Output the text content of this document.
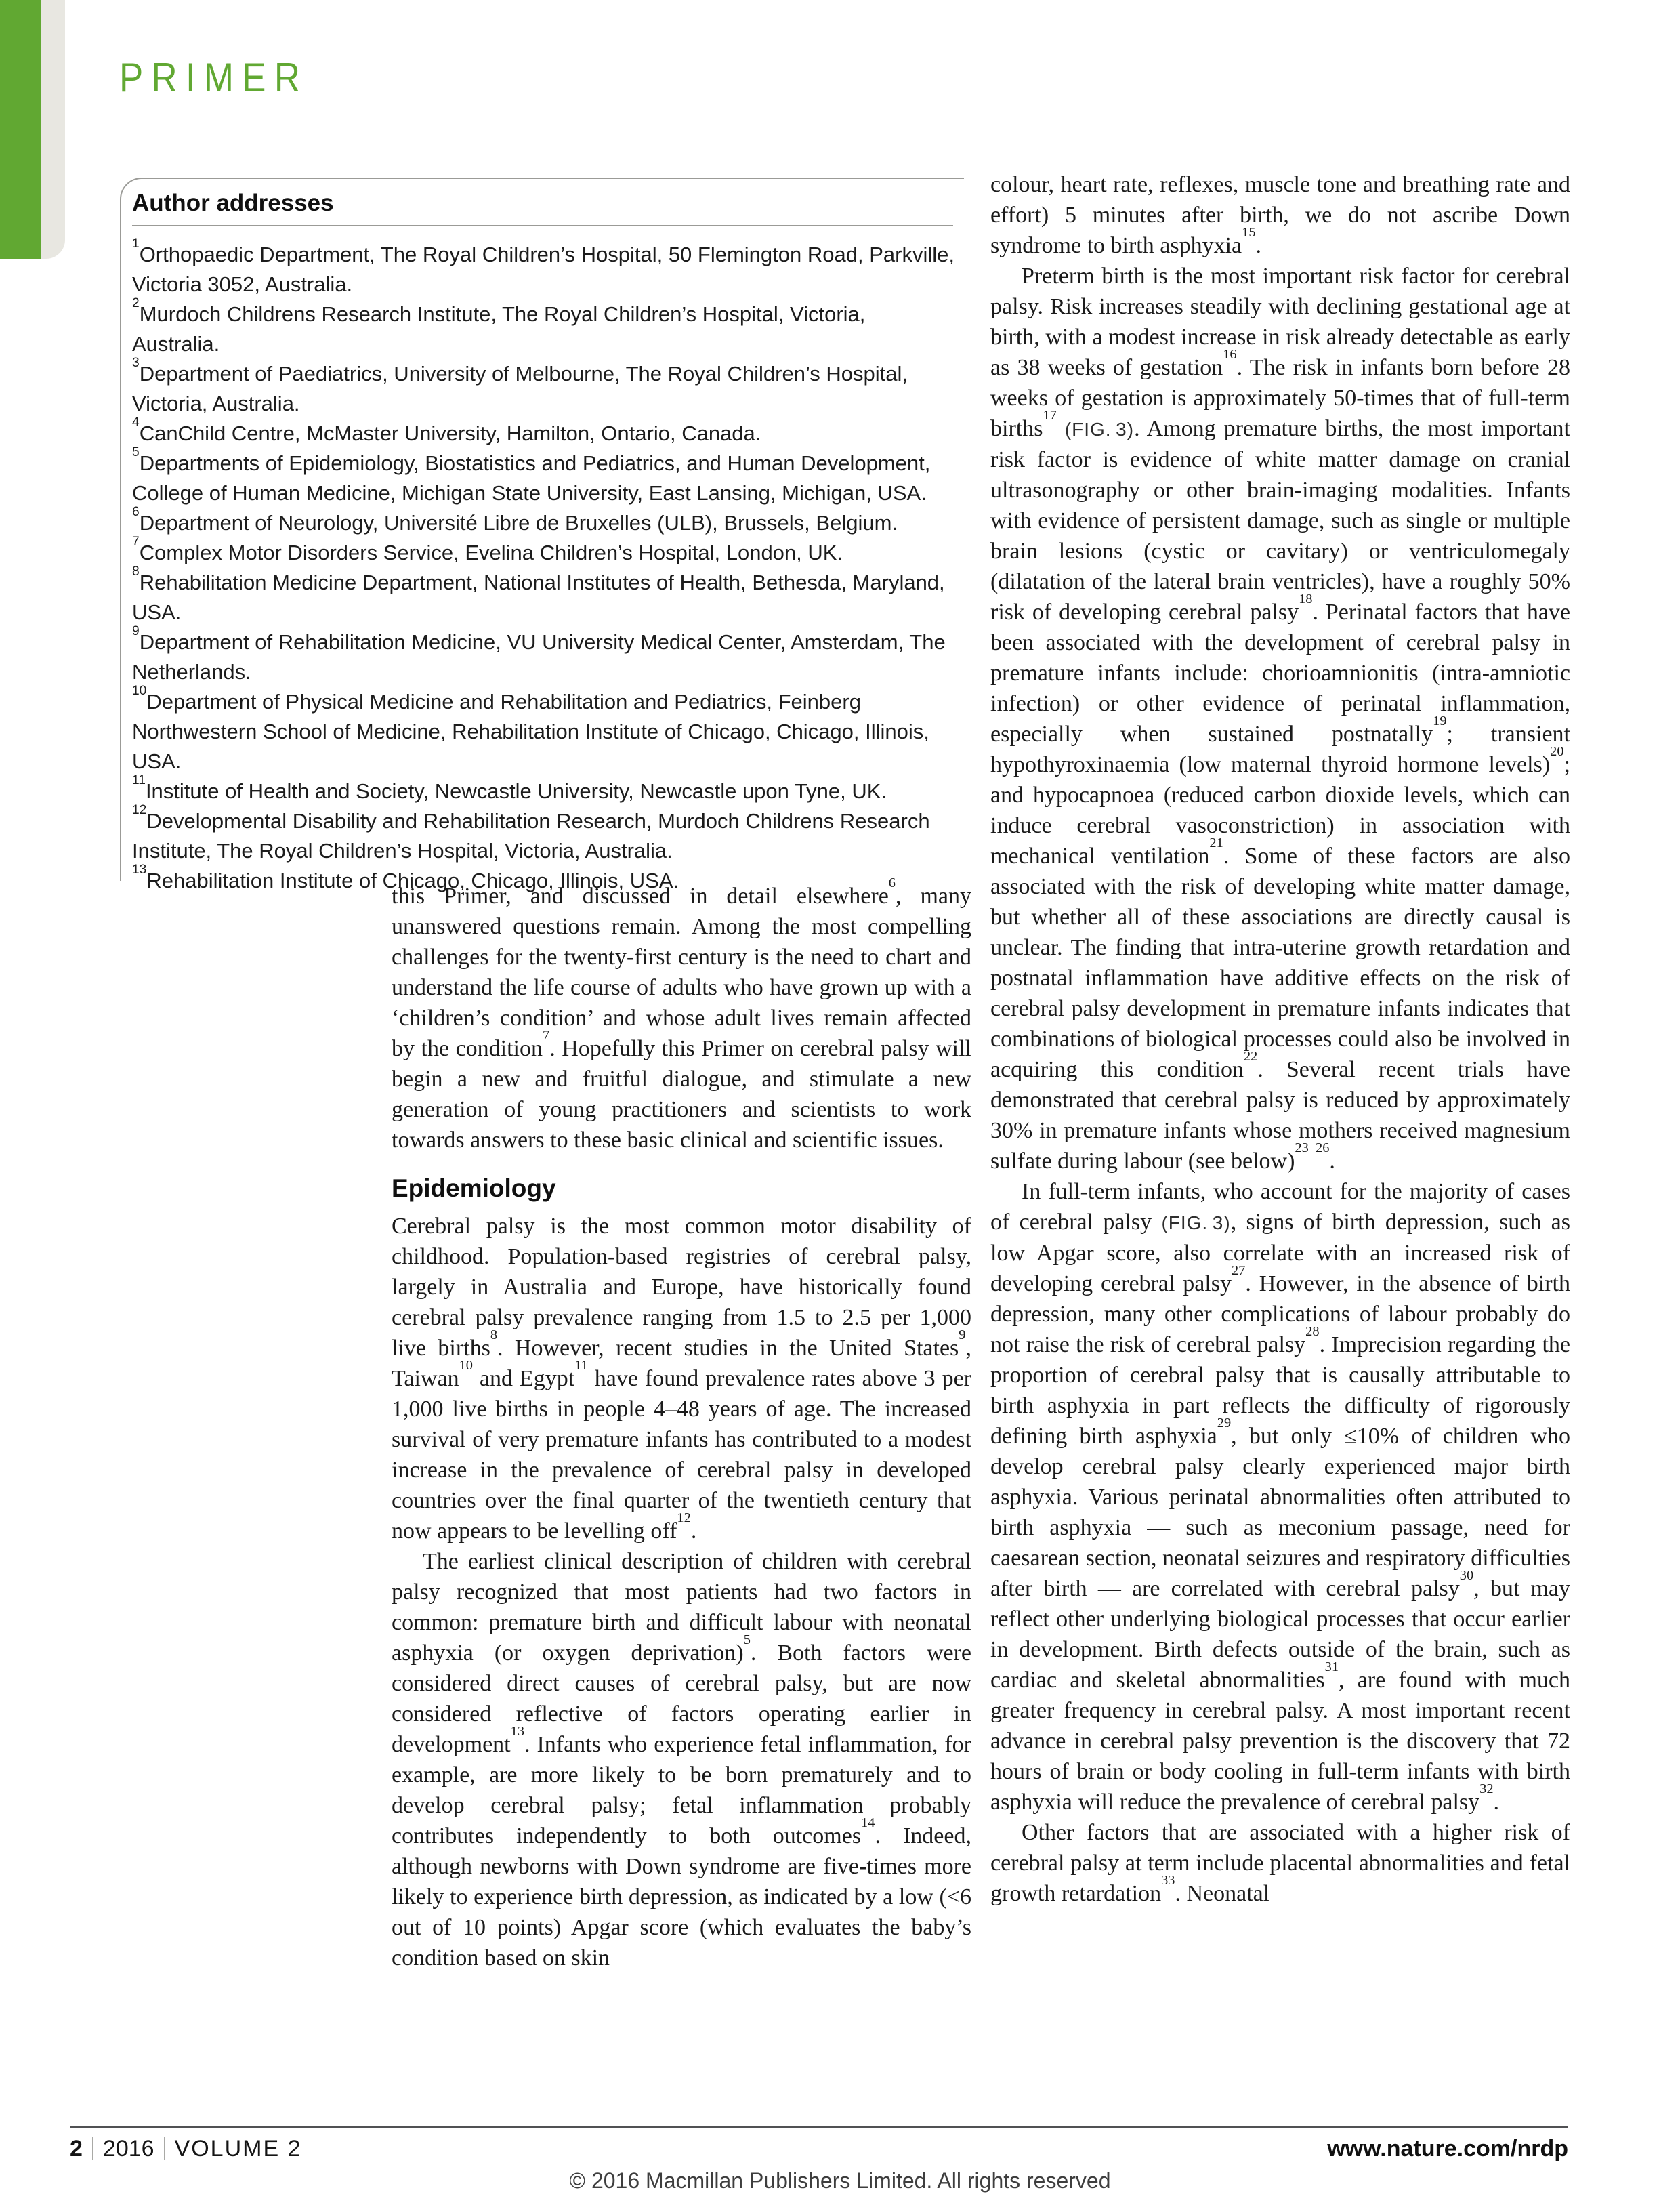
PRIMER

Author addresses

$^1$Orthopaedic Department, The Royal Children’s Hospital, 50 Flemington Road, Parkville, Victoria 3052, Australia.

$^2$Murdoch Childrens Research Institute, The Royal Children’s Hospital, Victoria, Australia.

$^3$Department of Paediatrics, University of Melbourne, The Royal Children’s Hospital, Victoria, Australia.

$^4$CanChild Centre, McMaster University, Hamilton, Ontario, Canada.

$^5$Departments of Epidemiology, Biostatistics and Pediatrics, and Human Development, College of Human Medicine, Michigan State University, East Lansing, Michigan, USA.

$^6$Department of Neurology, Université Libre de Bruxelles (ULB), Brussels, Belgium.

$^7$Complex Motor Disorders Service, Evelina Children’s Hospital, London, UK.

$^8$Rehabilitation Medicine Department, National Institutes of Health, Bethesda, Maryland, USA.

$^9$Department of Rehabilitation Medicine, VU University Medical Center, Amsterdam, The Netherlands.

$^{10}$Department of Physical Medicine and Rehabilitation and Pediatrics, Feinberg Northwestern School of Medicine, Rehabilitation Institute of Chicago, Chicago, Illinois, USA.

$^{11}$Institute of Health and Society, Newcastle University, Newcastle upon Tyne, UK.

$^{12}$Developmental Disability and Rehabilitation Research, Murdoch Childrens Research Institute, The Royal Children’s Hospital, Victoria, Australia.

$^{13}$Rehabilitation Institute of Chicago, Chicago, Illinois, USA.

this Primer, and discussed in detail elsewhere$^6$, many unanswered questions remain. Among the most compelling challenges for the twenty-first century is the need to chart and understand the life course of adults who have grown up with a ‘children’s condition’ and whose adult lives remain affected by the condition$^7$. Hopefully this Primer on cerebral palsy will begin a new and fruitful dialogue, and stimulate a new generation of young practitioners and scientists to work towards answers to these basic clinical and scientific issues.

Epidemiology

Cerebral palsy is the most common motor disability of childhood. Population-based registries of cerebral palsy, largely in Australia and Europe, have historically found cerebral palsy prevalence ranging from 1.5 to 2.5 per 1,000 live births$^8$. However, recent studies in the United States$^9$, Taiwan$^{10}$ and Egypt$^{11}$ have found prevalence rates above 3 per 1,000 live births in people 4–48 years of age. The increased survival of very premature infants has contributed to a modest increase in the prevalence of cerebral palsy in developed countries over the final quarter of the twentieth century that now appears to be levelling off$^{12}$.

The earliest clinical description of children with cerebral palsy recognized that most patients had two factors in common: premature birth and difficult labour with neonatal asphyxia (or oxygen deprivation)$^5$. Both factors were considered direct causes of cerebral palsy, but are now considered reflective of factors operating earlier in development$^{13}$. Infants who experience fetal inflammation, for example, are more likely to be born prematurely and to develop cerebral palsy; fetal inflammation probably contributes independently to both outcomes$^{14}$. Indeed, although newborns with Down syndrome are five-times more likely to experience birth depression, as indicated by a low (<6 out of 10 points) Apgar score (which evaluates the baby’s condition based on skin

colour, heart rate, reflexes, muscle tone and breathing rate and effort) 5 minutes after birth, we do not ascribe Down syndrome to birth asphyxia$^{15}$.

Preterm birth is the most important risk factor for cerebral palsy. Risk increases steadily with declining gestational age at birth, with a modest increase in risk already detectable as early as 38 weeks of gestation$^{16}$. The risk in infants born before 28 weeks of gestation is approximately 50-times that of full-term births$^{17}$ (FIG. 3). Among premature births, the most important risk factor is evidence of white matter damage on cranial ultrasonography or other brain-imaging modalities. Infants with evidence of persistent damage, such as single or multiple brain lesions (cystic or cavitary) or ventriculomegaly (dilatation of the lateral brain ventricles), have a roughly 50% risk of developing cerebral palsy$^{18}$. Perinatal factors that have been associated with the development of cerebral palsy in premature infants include: chorioamnionitis (intra-amniotic infection) or other evidence of perinatal inflammation, especially when sustained postnatally$^{19}$; transient hypothyroxinaemia (low maternal thyroid hormone levels)$^{20}$; and hypocapnoea (reduced carbon dioxide levels, which can induce cerebral vasoconstriction) in association with mechanical ventilation$^{21}$. Some of these factors are also associated with the risk of developing white matter damage, but whether all of these associations are directly causal is unclear. The finding that intra-uterine growth retardation and postnatal inflammation have additive effects on the risk of cerebral palsy development in premature infants indicates that combinations of biological processes could also be involved in acquiring this condition$^{22}$. Several recent trials have demonstrated that cerebral palsy is reduced by approximately 30% in premature infants whose mothers received magnesium sulfate during labour (see below)$^{23-26}$.

In full-term infants, who account for the majority of cases of cerebral palsy (FIG. 3), signs of birth depression, such as low Apgar score, also correlate with an increased risk of developing cerebral palsy$^{27}$. However, in the absence of birth depression, many other complications of labour probably do not raise the risk of cerebral palsy$^{28}$. Imprecision regarding the proportion of cerebral palsy that is causally attributable to birth asphyxia in part reflects the difficulty of rigorously defining birth asphyxia$^{29}$, but only ≤10% of children who develop cerebral palsy clearly experienced major birth asphyxia. Various perinatal abnormalities often attributed to birth asphyxia — such as meconium passage, need for caesarean section, neonatal seizures and respiratory difficulties after birth — are correlated with cerebral palsy$^{30}$, but may reflect other underlying biological processes that occur earlier in development. Birth defects outside of the brain, such as cardiac and skeletal abnormalities$^{31}$, are found with much greater frequency in cerebral palsy. A most important recent advance in cerebral palsy prevention is the discovery that 72 hours of brain or body cooling in full-term infants with birth asphyxia will reduce the prevalence of cerebral palsy$^{32}$.

Other factors that are associated with a higher risk of cerebral palsy at term include placental abnormalities and fetal growth retardation$^{33}$. Neonatal

2 2016 VOLUME 2	www.nature.com/nrdp
© 2016 Macmillan Publishers Limited. All rights reserved
